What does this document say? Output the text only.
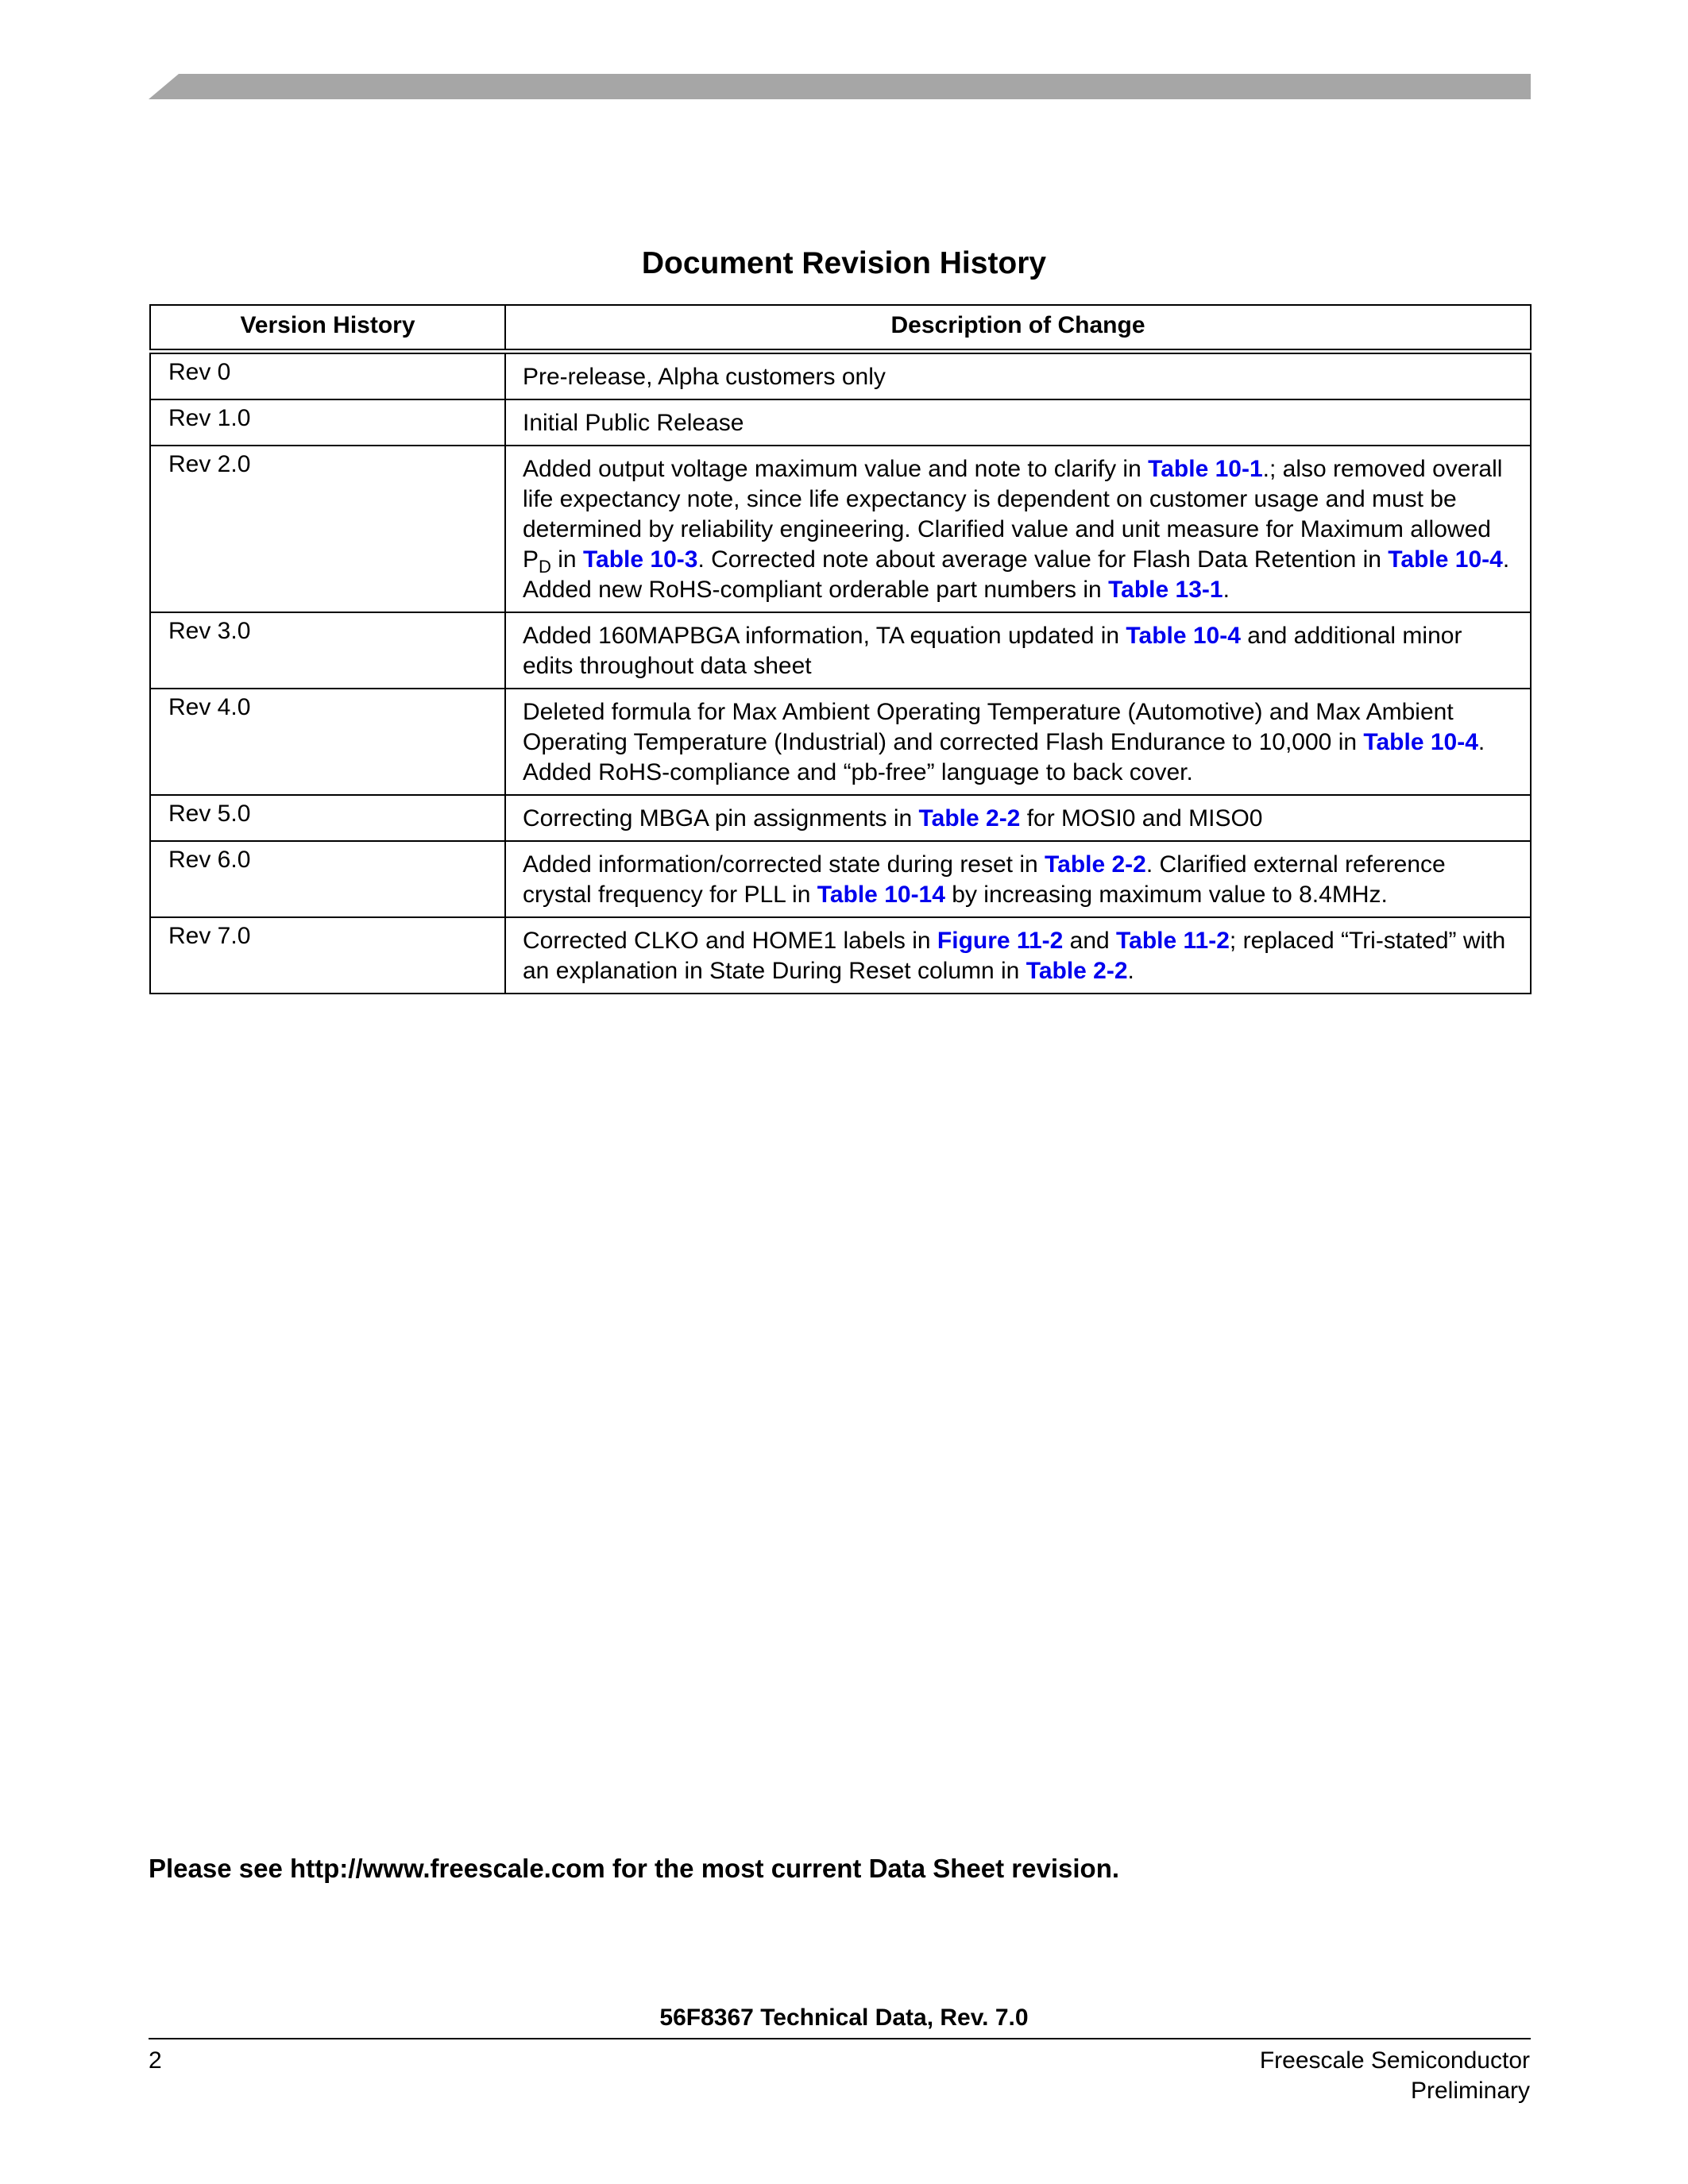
Document Revision History
Version History	Description of Change
Rev 0	Pre-release, Alpha customers only
Rev 1.0	Initial Public Release
Rev 2.0	Added output voltage maximum value and note to clarify in Table 10-1.; also removed overall life expectancy note, since life expectancy is dependent on customer usage and must be determined by reliability engineering. Clarified value and unit measure for Maximum allowed $P_D$ in Table 10-3. Corrected note about average value for Flash Data Retention in Table 10-4. Added new RoHS-compliant orderable part numbers in Table 13-1.
Rev 3.0	Added 160MAPBGA information, TA equation updated in Table 10-4 and additional minor edits throughout data sheet
Rev 4.0	Deleted formula for Max Ambient Operating Temperature (Automotive) and Max Ambient Operating Temperature (Industrial) and corrected Flash Endurance to 10,000 in Table 10-4. Added RoHS-compliance and “pb-free” language to back cover.
Rev 5.0	Correcting MBGA pin assignments in Table 2-2 for MOSI0 and MISO0
Rev 6.0	Added information/corrected state during reset in Table 2-2. Clarified external reference crystal frequency for PLL in Table 10-14 by increasing maximum value to 8.4MHz.
Rev 7.0	Corrected CLKO and HOME1 labels in Figure 11-2 and Table 11-2; replaced “Tri-stated” with an explanation in State During Reset column in Table 2-2.

Please see http://www.freescale.com for the most current Data Sheet revision.

56F8367 Technical Data, Rev. 7.0
2	Freescale Semiconductor
Preliminary
